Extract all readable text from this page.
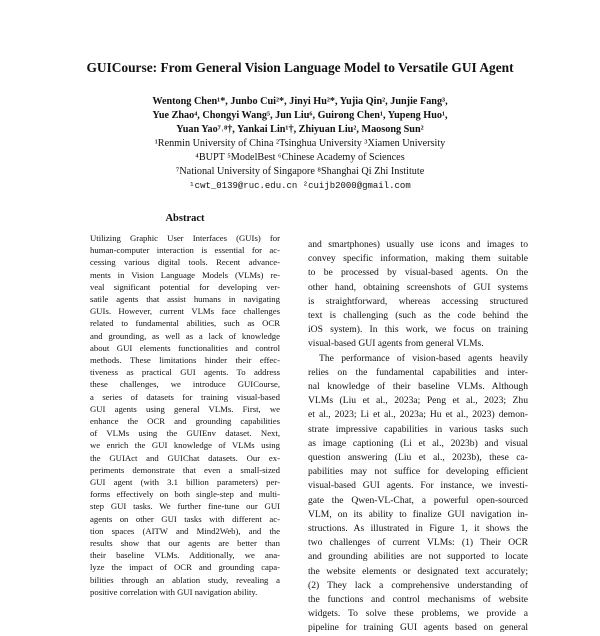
GUICourse: From General Vision Language Model to Versatile GUI Agent
Wentong Chen¹*, Junbo Cui²*, Jinyi Hu²*, Yujia Qin², Junjie Fang³,
Yue Zhao⁴, Chongyi Wang⁵, Jun Liu⁶, Guirong Chen¹, Yupeng Huo¹,
Yuan Yao⁷˒⁸†, Yankai Lin¹†, Zhiyuan Liu², Maosong Sun²
¹Renmin University of China ²Tsinghua University ³Xiamen University
⁴BUPT ⁵ModelBest ⁶Chinese Academy of Sciences
⁷National University of Singapore ⁸Shanghai Qi Zhi Institute
¹cwt_0139@ruc.edu.cn ²cuijb2000@gmail.com
Abstract
Utilizing Graphic User Interfaces (GUIs) for
human-computer interaction is essential for ac-
cessing various digital tools. Recent advance-
ments in Vision Language Models (VLMs) re-
veal significant potential for developing ver-
satile agents that assist humans in navigating
GUIs. However, current VLMs face challenges
related to fundamental abilities, such as OCR
and grounding, as well as a lack of knowledge
about GUI elements functionalities and control
methods. These limitations hinder their effec-
tiveness as practical GUI agents. To address
these challenges, we introduce GUICourse,
a series of datasets for training visual-based
GUI agents using general VLMs. First, we
enhance the OCR and grounding capabilities
of VLMs using the GUIEnv dataset. Next,
we enrich the GUI knowledge of VLMs using
the GUIAct and GUIChat datasets. Our ex-
periments demonstrate that even a small-sized
GUI agent (with 3.1 billion parameters) per-
forms effectively on both single-step and multi-
step GUI tasks. We further fine-tune our GUI
agents on other GUI tasks with different ac-
tion spaces (AITW and Mind2Web), and the
results show that our agents are better than
their baseline VLMs. Additionally, we ana-
lyze the impact of OCR and grounding capa-
bilities through an ablation study, revealing a
positive correlation with GUI navigation ability.
and smartphones) usually use icons and images to
convey specific information, making them suitable
to be processed by visual-based agents. On the
other hand, obtaining screenshots of GUI systems
is straightforward, whereas accessing structured
text is challenging (such as the code behind the
iOS system). In this work, we focus on training
visual-based GUI agents from general VLMs.
The performance of vision-based agents heavily
relies on the fundamental capabilities and inter-
nal knowledge of their baseline VLMs. Although
VLMs (Liu et al., 2023a; Peng et al., 2023; Zhu
et al., 2023; Li et al., 2023a; Hu et al., 2023) demon-
strate impressive capabilities in various tasks such
as image captioning (Li et al., 2023b) and visual
question answering (Liu et al., 2023b), these ca-
pabilities may not suffice for developing efficient
visual-based GUI agents. For instance, we investi-
gate the Qwen-VL-Chat, a powerful open-sourced
VLM, on its ability to finalize GUI navigation in-
structions. As illustrated in Figure 1, it shows the
two challenges of current VLMs: (1) Their OCR
and grounding abilities are not supported to locate
the website elements or designated text accurately;
(2) They lack a comprehensive understanding of
the functions and control mechanisms of website
widgets. To solve these problems, we provide a
pipeline for training GUI agents based on general
